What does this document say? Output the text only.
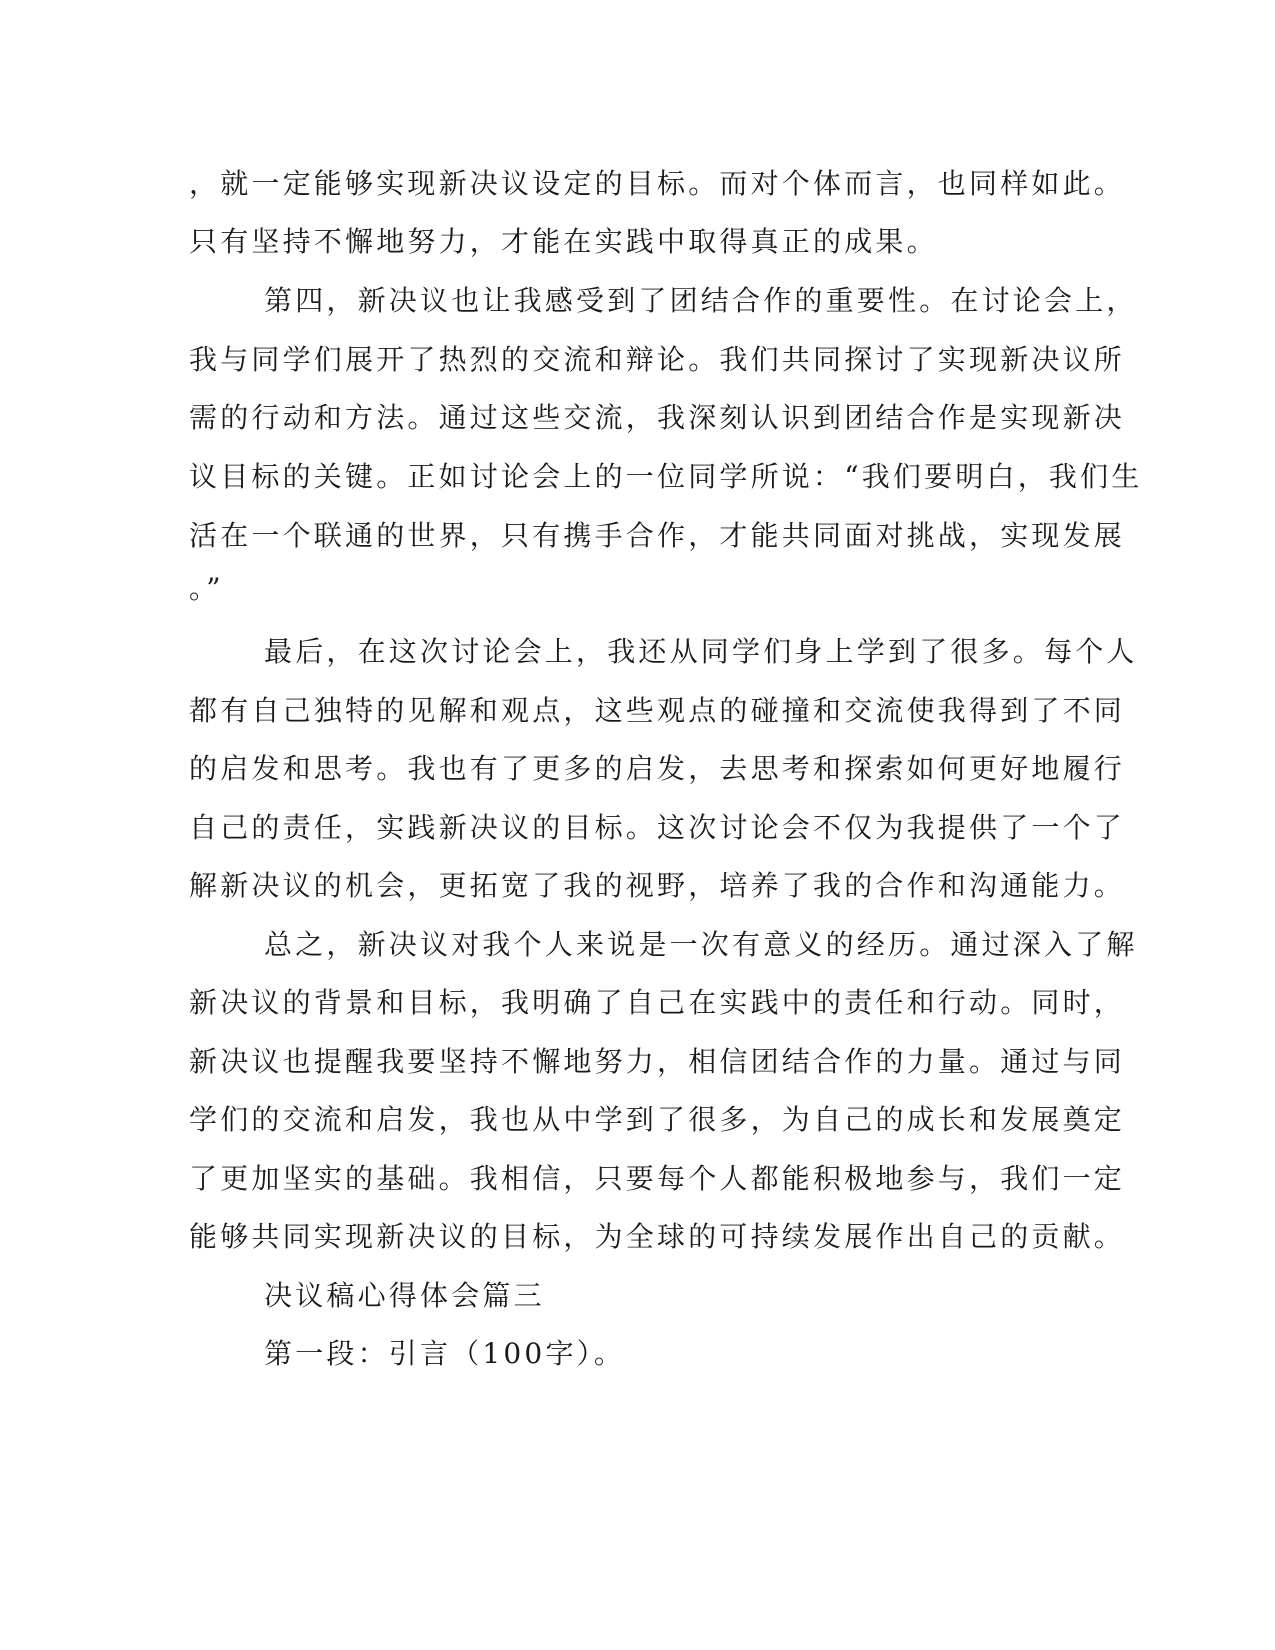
，就一定能够实现新决议设定的目标。而对个体而言，也同样如此。
只有坚持不懈地努力，才能在实践中取得真正的成果。
第四，新决议也让我感受到了团结合作的重要性。在讨论会上，
我与同学们展开了热烈的交流和辩论。我们共同探讨了实现新决议所
需的行动和方法。通过这些交流，我深刻认识到团结合作是实现新决
议目标的关键。正如讨论会上的一位同学所说：“我们要明白，我们生
活在一个联通的世界，只有携手合作，才能共同面对挑战，实现发展
。”
最后，在这次讨论会上，我还从同学们身上学到了很多。每个人
都有自己独特的见解和观点，这些观点的碰撞和交流使我得到了不同
的启发和思考。我也有了更多的启发，去思考和探索如何更好地履行
自己的责任，实践新决议的目标。这次讨论会不仅为我提供了一个了
解新决议的机会，更拓宽了我的视野，培养了我的合作和沟通能力。
总之，新决议对我个人来说是一次有意义的经历。通过深入了解
新决议的背景和目标，我明确了自己在实践中的责任和行动。同时，
新决议也提醒我要坚持不懈地努力，相信团结合作的力量。通过与同
学们的交流和启发，我也从中学到了很多，为自己的成长和发展奠定
了更加坚实的基础。我相信，只要每个人都能积极地参与，我们一定
能够共同实现新决议的目标，为全球的可持续发展作出自己的贡献。
决议稿心得体会篇三
第一段：引言（100字）。
